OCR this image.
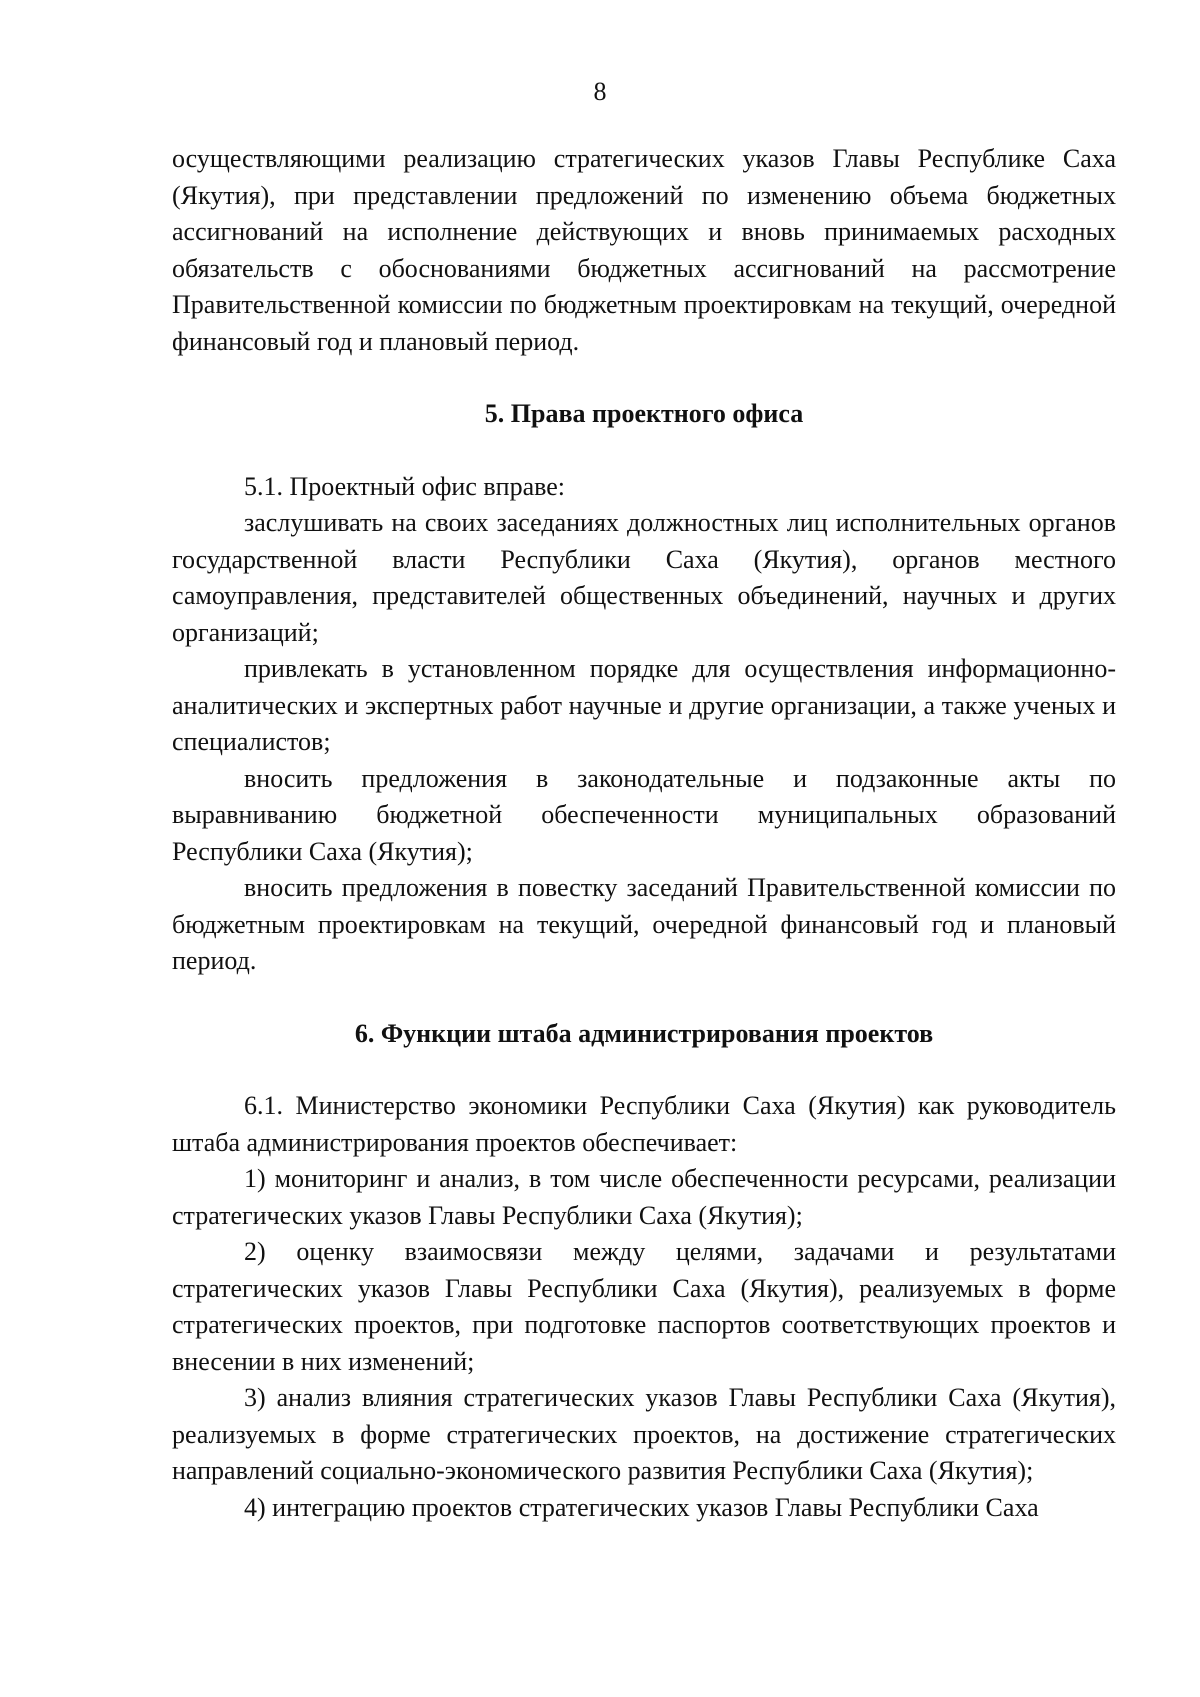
8

осуществляющими реализацию стратегических указов Главы Республике Саха (Якутия), при представлении предложений по изменению объема бюджетных ассигнований на исполнение действующих и вновь принимаемых расходных обязательств с обоснованиями бюджетных ассигнований на рассмотрение Правительственной комиссии по бюджетным проектировкам на текущий, очередной финансовый год и плановый период.

5. Права проектного офиса

5.1. Проектный офис вправе:

заслушивать на своих заседаниях должностных лиц исполнительных органов государственной власти Республики Саха (Якутия), органов местного самоуправления, представителей общественных объединений, научных и других организаций;

привлекать в установленном порядке для осуществления информационно-аналитических и экспертных работ научные и другие организации, а также ученых и специалистов;

вносить предложения в законодательные и подзаконные акты по выравниванию бюджетной обеспеченности муниципальных образований Республики Саха (Якутия);

вносить предложения в повестку заседаний Правительственной комиссии по бюджетным проектировкам на текущий, очередной финансовый год и плановый период.

6. Функции штаба администрирования проектов

6.1. Министерство экономики Республики Саха (Якутия) как руководитель штаба администрирования проектов обеспечивает:

1) мониторинг и анализ, в том числе обеспеченности ресурсами, реализации стратегических указов Главы Республики Саха (Якутия);

2) оценку взаимосвязи между целями, задачами и результатами стратегических указов Главы Республики Саха (Якутия), реализуемых в форме стратегических проектов, при подготовке паспортов соответствующих проектов и внесении в них изменений;

3) анализ влияния стратегических указов Главы Республики Саха (Якутия), реализуемых в форме стратегических проектов, на достижение стратегических направлений социально-экономического развития Республики Саха (Якутия);

4) интеграцию проектов стратегических указов Главы Республики Саха
